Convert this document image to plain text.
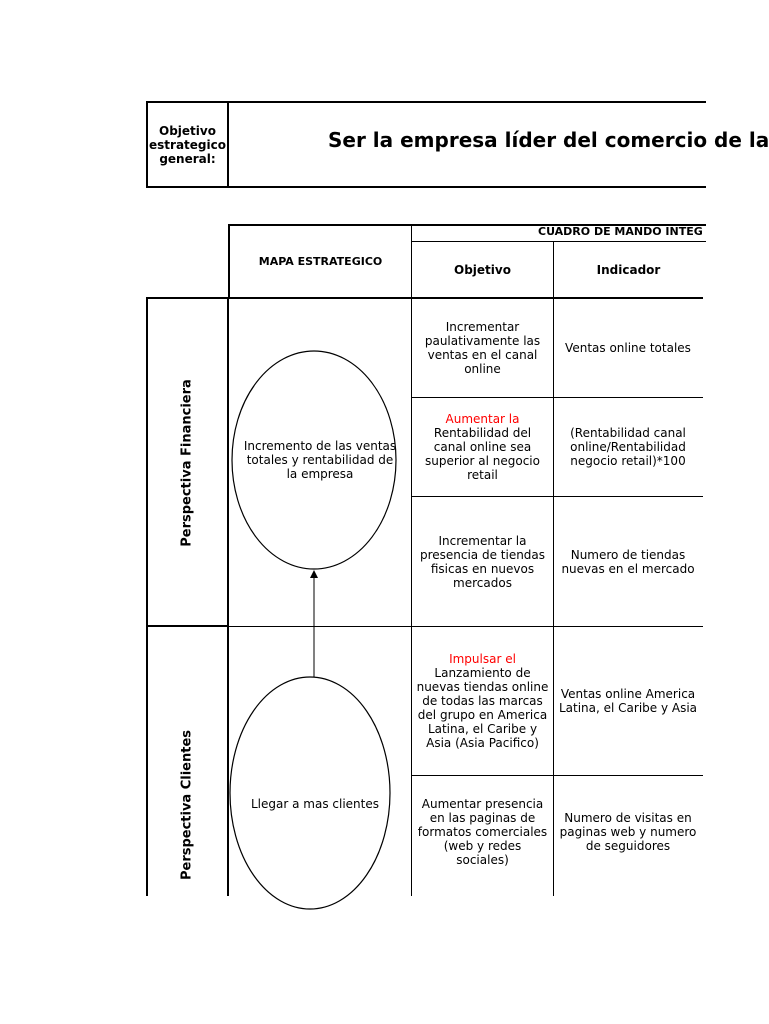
Objetivo estrategico general:
Ser la empresa líder del comercio de la
CUADRO DE MANDO INTEG
MAPA ESTRATEGICO
Objetivo	Indicador
Perspectiva Financiera
Perspectiva Clientes
Incremento de las ventas totales y rentabilidad de la empresa
Llegar a mas clientes
Incrementar paulativamente las ventas en el canal online
Ventas online totales
Aumentar la
Rentabilidad del canal online sea superior al negocio retail
(Rentabilidad canal online/Rentabilidad negocio retail)*100
Incrementar la presencia de tiendas fisicas en nuevos mercados
Numero de tiendas nuevas en el mercado
Impulsar el
Lanzamiento de nuevas tiendas online de todas las marcas del grupo en America Latina, el Caribe y Asia (Asia Pacifico)
Ventas online America Latina, el Caribe y Asia
Aumentar presencia en las paginas de formatos comerciales (web y redes sociales)
Numero de visitas en paginas web y numero de seguidores
